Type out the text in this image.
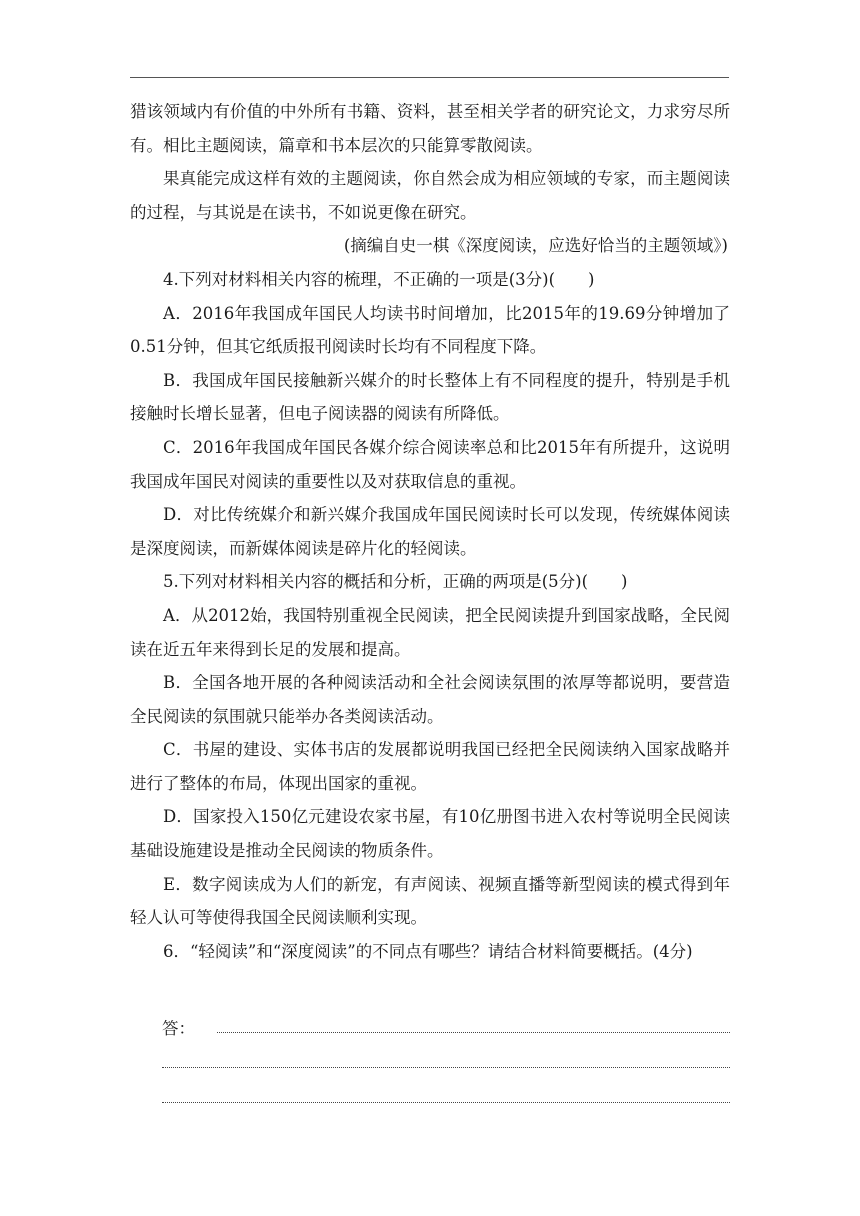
猎该领域内有价值的中外所有书籍、资料，甚至相关学者的研究论文，力求穷尽所有。相比主题阅读，篇章和书本层次的只能算零散阅读。

果真能完成这样有效的主题阅读，你自然会成为相应领域的专家，而主题阅读的过程，与其说是在读书，不如说更像在研究。

(摘编自史一棋《深度阅读，应选好恰当的主题领域》)

4.下列对材料相关内容的梳理，不正确的一项是(3分)(　　)

A．2016年我国成年国民人均读书时间增加，比2015年的19.69分钟增加了0.51分钟，但其它纸质报刊阅读时长均有不同程度下降。

B．我国成年国民接触新兴媒介的时长整体上有不同程度的提升，特别是手机接触时长增长显著，但电子阅读器的阅读有所降低。

C．2016年我国成年国民各媒介综合阅读率总和比2015年有所提升，这说明我国成年国民对阅读的重要性以及对获取信息的重视。

D．对比传统媒介和新兴媒介我国成年国民阅读时长可以发现，传统媒体阅读是深度阅读，而新媒体阅读是碎片化的轻阅读。

5.下列对材料相关内容的概括和分析，正确的两项是(5分)(　　)

A．从2012始，我国特别重视全民阅读，把全民阅读提升到国家战略，全民阅读在近五年来得到长足的发展和提高。

B．全国各地开展的各种阅读活动和全社会阅读氛围的浓厚等都说明，要营造全民阅读的氛围就只能举办各类阅读活动。

C．书屋的建设、实体书店的发展都说明我国已经把全民阅读纳入国家战略并进行了整体的布局，体现出国家的重视。

D．国家投入150亿元建设农家书屋，有10亿册图书进入农村等说明全民阅读基础设施建设是推动全民阅读的物质条件。

E．数字阅读成为人们的新宠，有声阅读、视频直播等新型阅读的模式得到年轻人认可等使得我国全民阅读顺利实现。

6．“轻阅读”和“深度阅读”的不同点有哪些？请结合材料简要概括。(4分)

答：
